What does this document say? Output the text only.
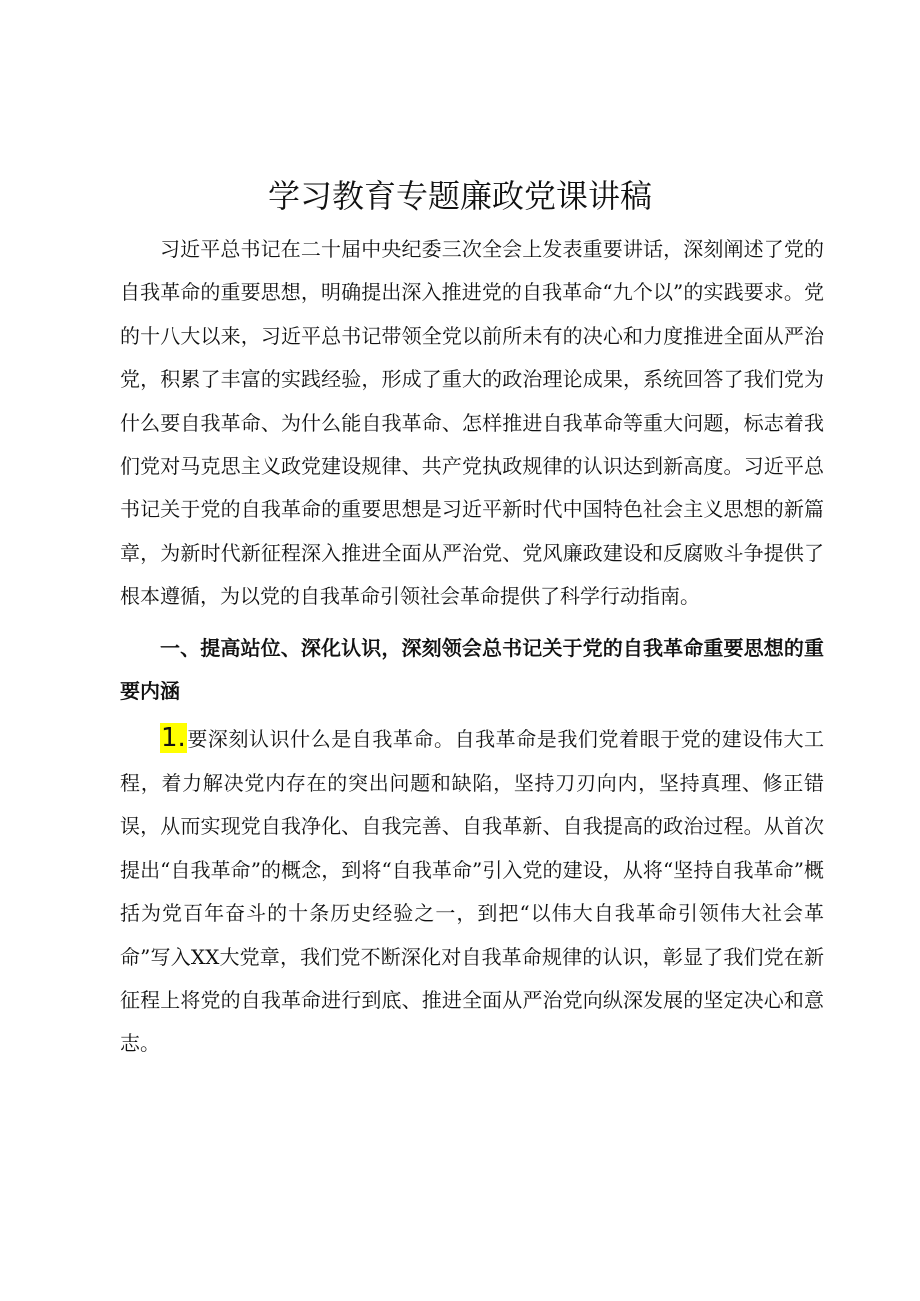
学习教育专题廉政党课讲稿

习近平总书记在二十届中央纪委三次全会上发表重要讲话，深刻阐述了党的自我革命的重要思想，明确提出深入推进党的自我革命“九个以”的实践要求。党的十八大以来，习近平总书记带领全党以前所未有的决心和力度推进全面从严治党，积累了丰富的实践经验，形成了重大的政治理论成果，系统回答了我们党为什么要自我革命、为什么能自我革命、怎样推进自我革命等重大问题，标志着我们党对马克思主义政党建设规律、共产党执政规律的认识达到新高度。习近平总书记关于党的自我革命的重要思想是习近平新时代中国特色社会主义思想的新篇章，为新时代新征程深入推进全面从严治党、党风廉政建设和反腐败斗争提供了根本遵循，为以党的自我革命引领社会革命提供了科学行动指南。

一、提高站位、深化认识，深刻领会总书记关于党的自我革命重要思想的重要内涵

1.要深刻认识什么是自我革命。自我革命是我们党着眼于党的建设伟大工程，着力解决党内存在的突出问题和缺陷，坚持刀刃向内，坚持真理、修正错误，从而实现党自我净化、自我完善、自我革新、自我提高的政治过程。从首次提出“自我革命”的概念，到将“自我革命”引入党的建设，从将“坚持自我革命”概括为党百年奋斗的十条历史经验之一，到把“以伟大自我革命引领伟大社会革命”写入XX大党章，我们党不断深化对自我革命规律的认识，彰显了我们党在新征程上将党的自我革命进行到底、推进全面从严治党向纵深发展的坚定决心和意志。
